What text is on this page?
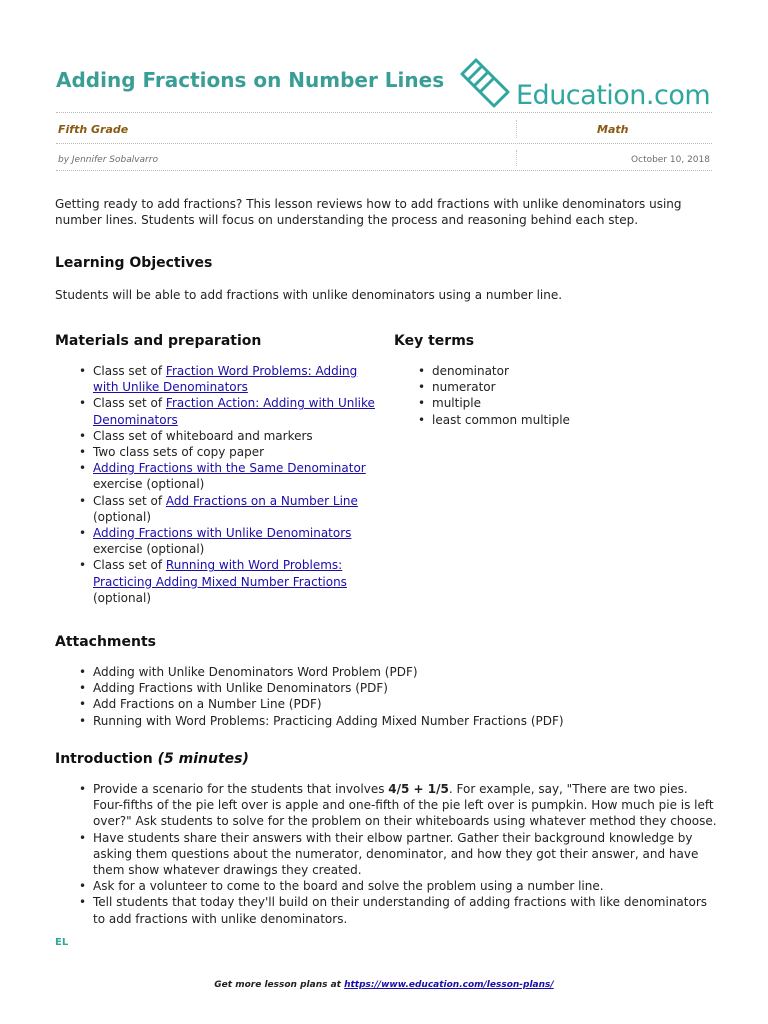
Adding Fractions on Number Lines	Education.com
Fifth Grade	Math
by Jennifer Sobalvarro	October 10, 2018

Getting ready to add fractions? This lesson reviews how to add fractions with unlike denominators using number lines. Students will focus on understanding the process and reasoning behind each step.

Learning Objectives

Students will be able to add fractions with unlike denominators using a number line.

Materials and preparation
• Class set of Fraction Word Problems: Adding with Unlike Denominators
• Class set of Fraction Action: Adding with Unlike Denominators
• Class set of whiteboard and markers
• Two class sets of copy paper
• Adding Fractions with the Same Denominator exercise (optional)
• Class set of Add Fractions on a Number Line (optional)
• Adding Fractions with Unlike Denominators exercise (optional)
• Class set of Running with Word Problems: Practicing Adding Mixed Number Fractions (optional)
Key terms
• denominator
• numerator
• multiple
• least common multiple
Attachments
• Adding with Unlike Denominators Word Problem (PDF)
• Adding Fractions with Unlike Denominators (PDF)
• Add Fractions on a Number Line (PDF)
• Running with Word Problems: Practicing Adding Mixed Number Fractions (PDF)
Introduction (5 minutes)
• Provide a scenario for the students that involves 4/5 + 1/5. For example, say, "There are two pies. Four-fifths of the pie left over is apple and one-fifth of the pie left over is pumpkin. How much pie is left over?" Ask students to solve for the problem on their whiteboards using whatever method they choose.
• Have students share their answers with their elbow partner. Gather their background knowledge by asking them questions about the numerator, denominator, and how they got their answer, and have them show whatever drawings they created.
• Ask for a volunteer to come to the board and solve the problem using a number line.
• Tell students that today they'll build on their understanding of adding fractions with like denominators to add fractions with unlike denominators.
EL
Get more lesson plans at https://www.education.com/lesson-plans/
